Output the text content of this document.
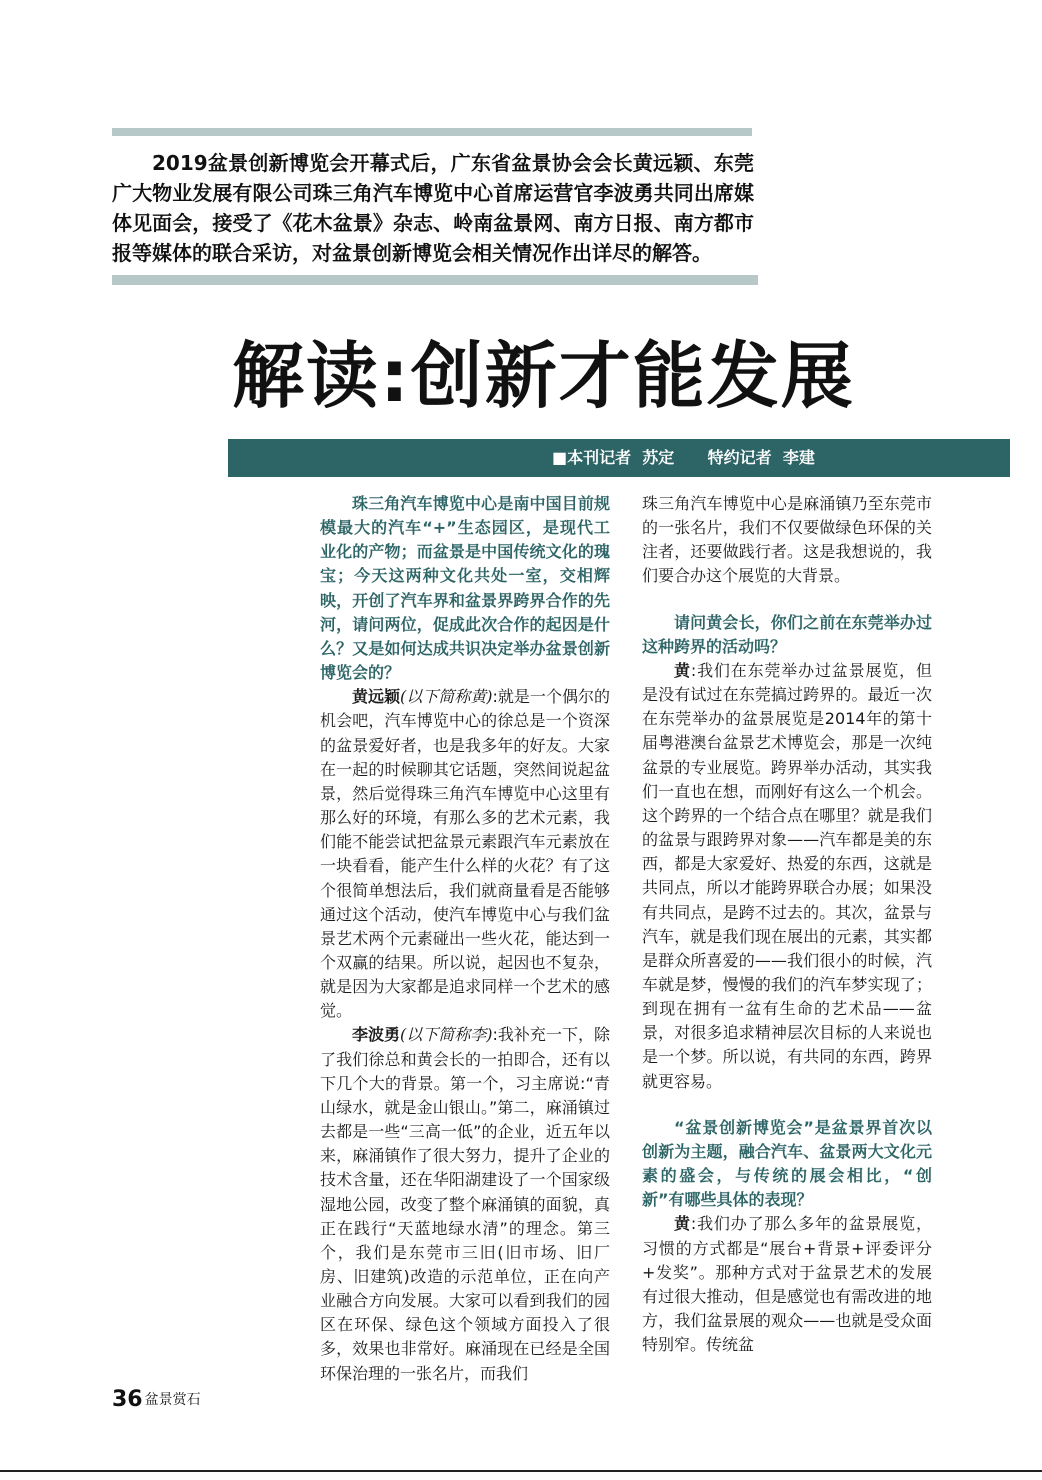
2019盆景创新博览会开幕式后，广东省盆景协会会长黄远颖、东莞广大物业发展有限公司珠三角汽车博览中心首席运营官李波勇共同出席媒体见面会，接受了《花木盆景》杂志、岭南盆景网、南方日报、南方都市报等媒体的联合采访，对盆景创新博览会相关情况作出详尽的解答。

解读:创新才能发展
■本刊记者  苏定      特约记者  李建

珠三角汽车博览中心是南中国目前规模最大的汽车“+”生态园区，是现代工业化的产物；而盆景是中国传统文化的瑰宝；今天这两种文化共处一室，交相辉映，开创了汽车界和盆景界跨界合作的先河，请问两位，促成此次合作的起因是什么？又是如何达成共识决定举办盆景创新博览会的？

黄远颖(以下简称黄):就是一个偶尔的机会吧，汽车博览中心的徐总是一个资深的盆景爱好者，也是我多年的好友。大家在一起的时候聊其它话题，突然间说起盆景，然后觉得珠三角汽车博览中心这里有那么好的环境，有那么多的艺术元素，我们能不能尝试把盆景元素跟汽车元素放在一块看看，能产生什么样的火花？有了这个很简单想法后，我们就商量看是否能够通过这个活动，使汽车博览中心与我们盆景艺术两个元素碰出一些火花，能达到一个双赢的结果。所以说，起因也不复杂，就是因为大家都是追求同样一个艺术的感觉。

李波勇(以下简称李):我补充一下，除了我们徐总和黄会长的一拍即合，还有以下几个大的背景。第一个，习主席说:“青山绿水，就是金山银山。”第二，麻涌镇过去都是一些“三高一低”的企业，近五年以来，麻涌镇作了很大努力，提升了企业的技术含量，还在华阳湖建设了一个国家级湿地公园，改变了整个麻涌镇的面貌，真正在践行“天蓝地绿水清”的理念。第三个，我们是东莞市三旧(旧市场、旧厂房、旧建筑)改造的示范单位，正在向产业融合方向发展。大家可以看到我们的园区在环保、绿色这个领域方面投入了很多，效果也非常好。麻涌现在已经是全国环保治理的一张名片，而我们

珠三角汽车博览中心是麻涌镇乃至东莞市的一张名片，我们不仅要做绿色环保的关注者，还要做践行者。这是我想说的，我们要合办这个展览的大背景。

请问黄会长，你们之前在东莞举办过这种跨界的活动吗？

黄:我们在东莞举办过盆景展览，但是没有试过在东莞搞过跨界的。最近一次在东莞举办的盆景展览是2014年的第十届粤港澳台盆景艺术博览会，那是一次纯盆景的专业展览。跨界举办活动，其实我们一直也在想，而刚好有这么一个机会。这个跨界的一个结合点在哪里？就是我们的盆景与跟跨界对象——汽车都是美的东西，都是大家爱好、热爱的东西，这就是共同点，所以才能跨界联合办展；如果没有共同点，是跨不过去的。其次，盆景与汽车，就是我们现在展出的元素，其实都是群众所喜爱的——我们很小的时候，汽车就是梦，慢慢的我们的汽车梦实现了；到现在拥有一盆有生命的艺术品——盆景，对很多追求精神层次目标的人来说也是一个梦。所以说，有共同的东西，跨界就更容易。

“盆景创新博览会”是盆景界首次以创新为主题，融合汽车、盆景两大文化元素的盛会，与传统的展会相比，“创新”有哪些具体的表现？

黄:我们办了那么多年的盆景展览，习惯的方式都是“展台+背景+评委评分+发奖”。那种方式对于盆景艺术的发展有过很大推动，但是感觉也有需改进的地方，我们盆景展的观众——也就是受众面特别窄。传统盆

36 盆景赏石
